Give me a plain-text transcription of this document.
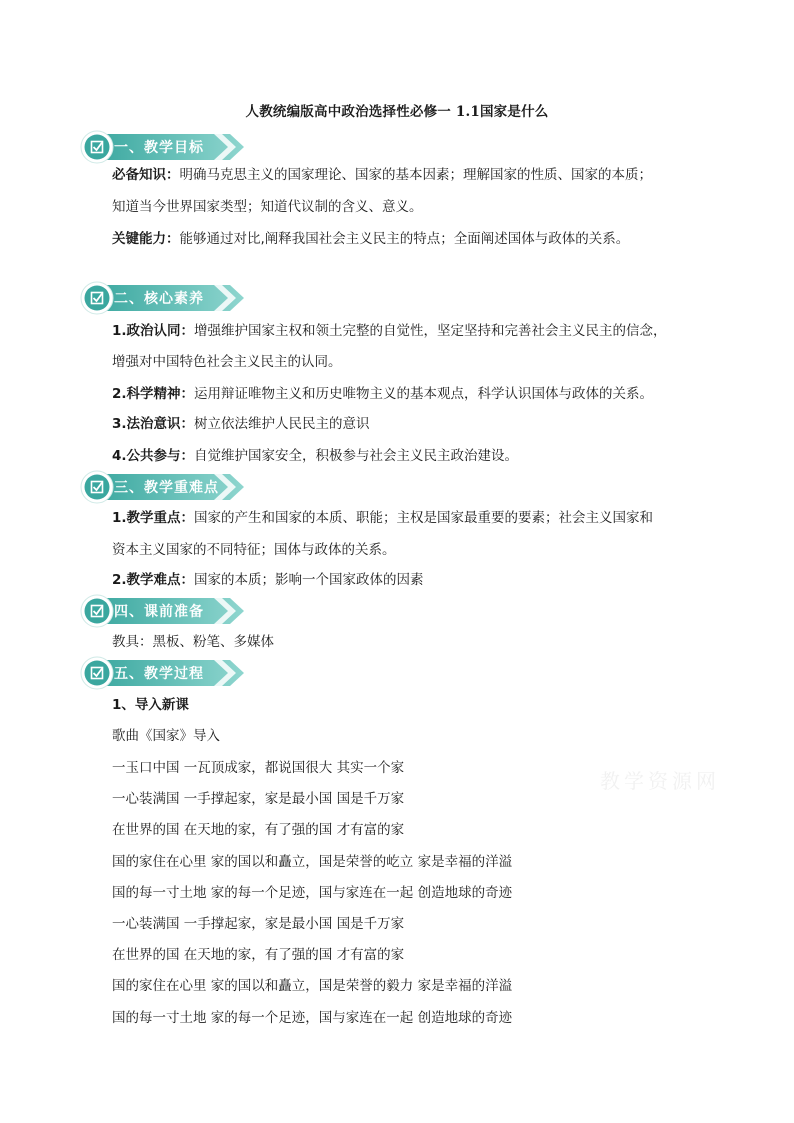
人教统编版高中政治选择性必修一 1.1国家是什么
一、教学目标
必备知识：明确马克思主义的国家理论、国家的基本因素；理解国家的性质、国家的本质；
知道当今世界国家类型；知道代议制的含义、意义。
关键能力：能够通过对比,阐释我国社会主义民主的特点；全面阐述国体与政体的关系。
二、核心素养
1.政治认同：增强维护国家主权和领土完整的自觉性，坚定坚持和完善社会主义民主的信念，
增强对中国特色社会主义民主的认同。
2.科学精神：运用辩证唯物主义和历史唯物主义的基本观点，科学认识国体与政体的关系。
3.法治意识：树立依法维护人民民主的意识
4.公共参与：自觉维护国家安全，积极参与社会主义民主政治建设。
三、教学重难点
1.教学重点：国家的产生和国家的本质、职能；主权是国家最重要的要素；社会主义国家和
资本主义国家的不同特征；国体与政体的关系。
2.教学难点：国家的本质；影响一个国家政体的因素
四、课前准备
教具：黑板、粉笔、多媒体
五、教学过程
1、导入新课
歌曲《国家》导入
一玉口中国 一瓦顶成家，都说国很大 其实一个家
一心装满国 一手撑起家，家是最小国 国是千万家
在世界的国 在天地的家，有了强的国 才有富的家
国的家住在心里 家的国以和矗立，国是荣誉的屹立 家是幸福的洋溢
国的每一寸土地 家的每一个足迹，国与家连在一起 创造地球的奇迹
一心装满国 一手撑起家，家是最小国 国是千万家
在世界的国 在天地的家，有了强的国 才有富的家
国的家住在心里 家的国以和矗立，国是荣誉的毅力 家是幸福的洋溢
国的每一寸土地 家的每一个足迹，国与家连在一起 创造地球的奇迹
教学资源网
